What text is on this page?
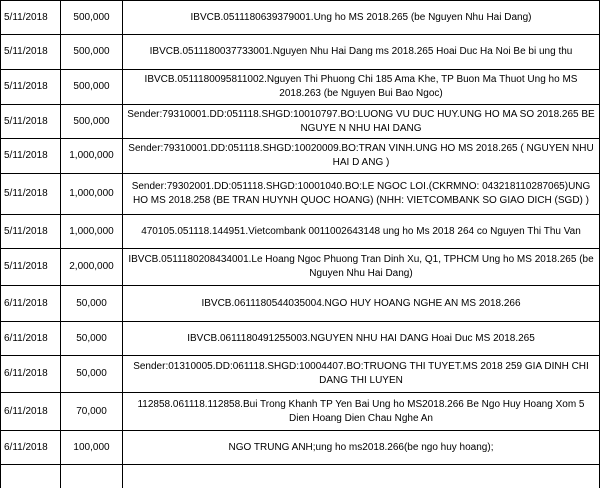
5/11/2018	500,000	IBVCB.0511180639379001.Ung ho MS 2018.265 (be Nguyen Nhu Hai Dang)
5/11/2018	500,000	IBVCB.0511180037733001.Nguyen Nhu Hai Dang ms 2018.265 Hoai Duc Ha Noi Be bi ung thu
5/11/2018	500,000	IBVCB.0511180095811002.Nguyen Thi Phuong Chi 185 Ama Khe, TP Buon Ma Thuot Ung ho MS 2018.263 (be Nguyen Bui Bao Ngoc)
5/11/2018	500,000	Sender:79310001.DD:051118.SHGD:10010797.BO:LUONG VU DUC HUY.UNG HO MA SO 2018.265 BE NGUYE N NHU HAI DANG
5/11/2018	1,000,000	Sender:79310001.DD:051118.SHGD:10020009.BO:TRAN VINH.UNG HO MS 2018.265 ( NGUYEN NHU HAI D ANG )
5/11/2018	1,000,000	Sender:79302001.DD:051118.SHGD:10001040.BO:LE NGOC LOI.(CKRMNO: 043218110287065)UNG HO MS 2018.258 (BE TRAN HUYNH QUOC HOANG) (NHH: VIETCOMBANK SO GIAO DICH (SGD) )
5/11/2018	1,000,000	470105.051118.144951.Vietcombank 0011002643148 ung ho Ms 2018 264 co Nguyen Thi Thu Van
5/11/2018	2,000,000	IBVCB.0511180208434001.Le Hoang Ngoc Phuong Tran Dinh Xu, Q1, TPHCM Ung ho MS 2018.265 (be Nguyen Nhu Hai Dang)
6/11/2018	50,000	IBVCB.0611180544035004.NGO HUY HOANG NGHE AN MS 2018.266
6/11/2018	50,000	IBVCB.0611180491255003.NGUYEN NHU HAI DANG Hoai Duc MS 2018.265
6/11/2018	50,000	Sender:01310005.DD:061118.SHGD:10004407.BO:TRUONG THI TUYET.MS 2018 259 GIA DINH CHI DANG THI LUYEN
6/11/2018	70,000	112858.061118.112858.Bui Trong Khanh TP Yen Bai Ung ho MS2018.266 Be Ngo Huy Hoang Xom 5 Dien Hoang Dien Chau Nghe An
6/11/2018	100,000	NGO TRUNG ANH;ung ho ms2018.266(be ngo huy hoang);
